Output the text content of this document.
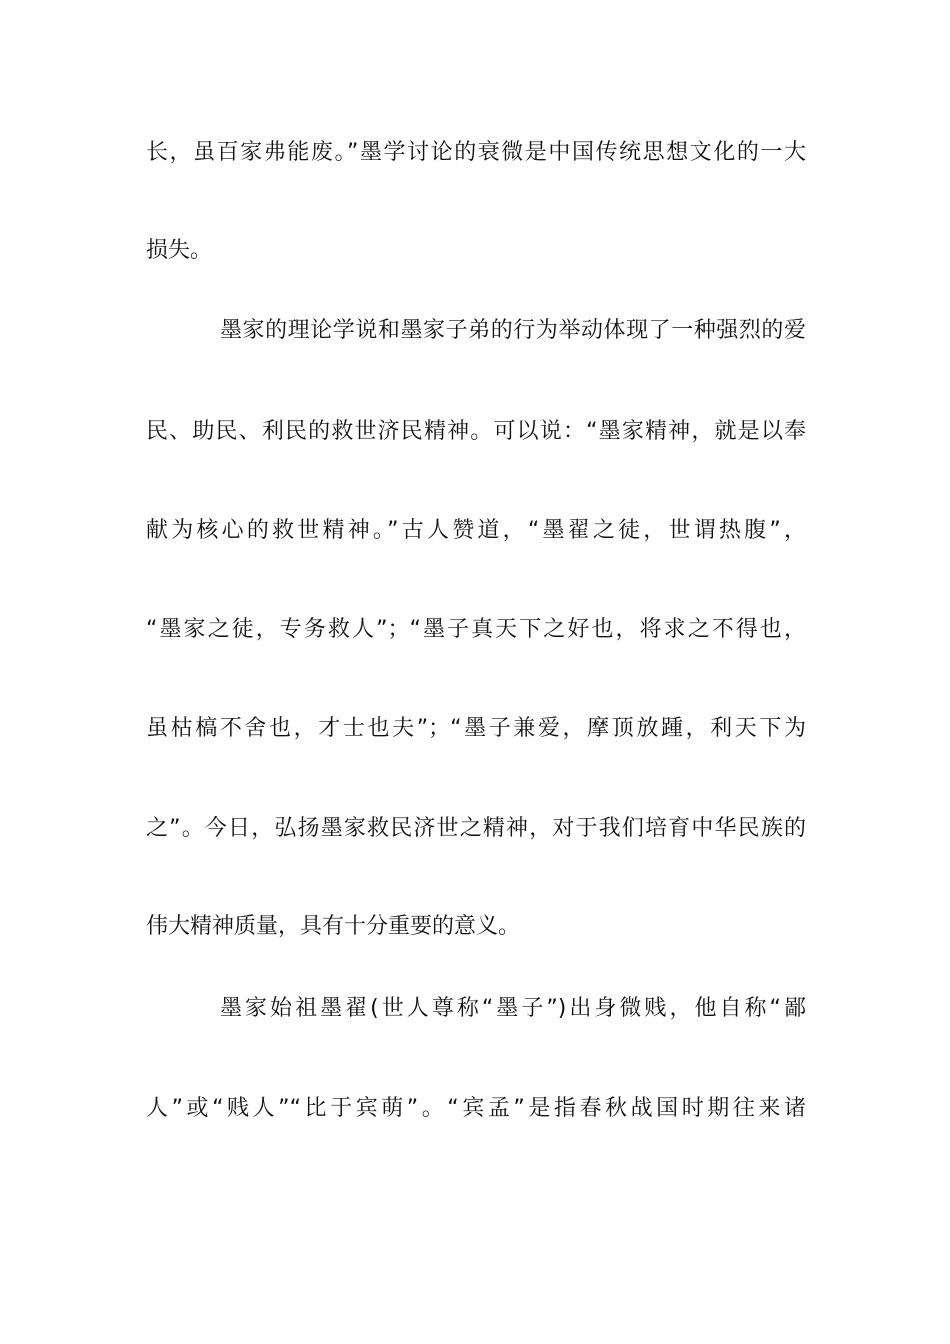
长，虽百家弗能废。”墨学讨论的衰微是中国传统思想文化的一大
损失。
墨家的理论学说和墨家子弟的行为举动体现了一种强烈的爱
民、助民、利民的救世济民精神。可以说：“墨家精神，就是以奉
献为核心的救世精神。”古人赞道，“墨翟之徒，世谓热腹”，
“墨家之徒，专务救人”；“墨子真天下之好也，将求之不得也，
虽枯槁不舍也，才士也夫”；“墨子兼爱，摩顶放踵，利天下为
之”。今日，弘扬墨家救民济世之精神，对于我们培育中华民族的
伟大精神质量，具有十分重要的意义。
墨家始祖墨翟(世人尊称“墨子”)出身微贱，他自称“鄙
人”或“贱人”“比于宾萌”。“宾孟”是指春秋战国时期往来诸
